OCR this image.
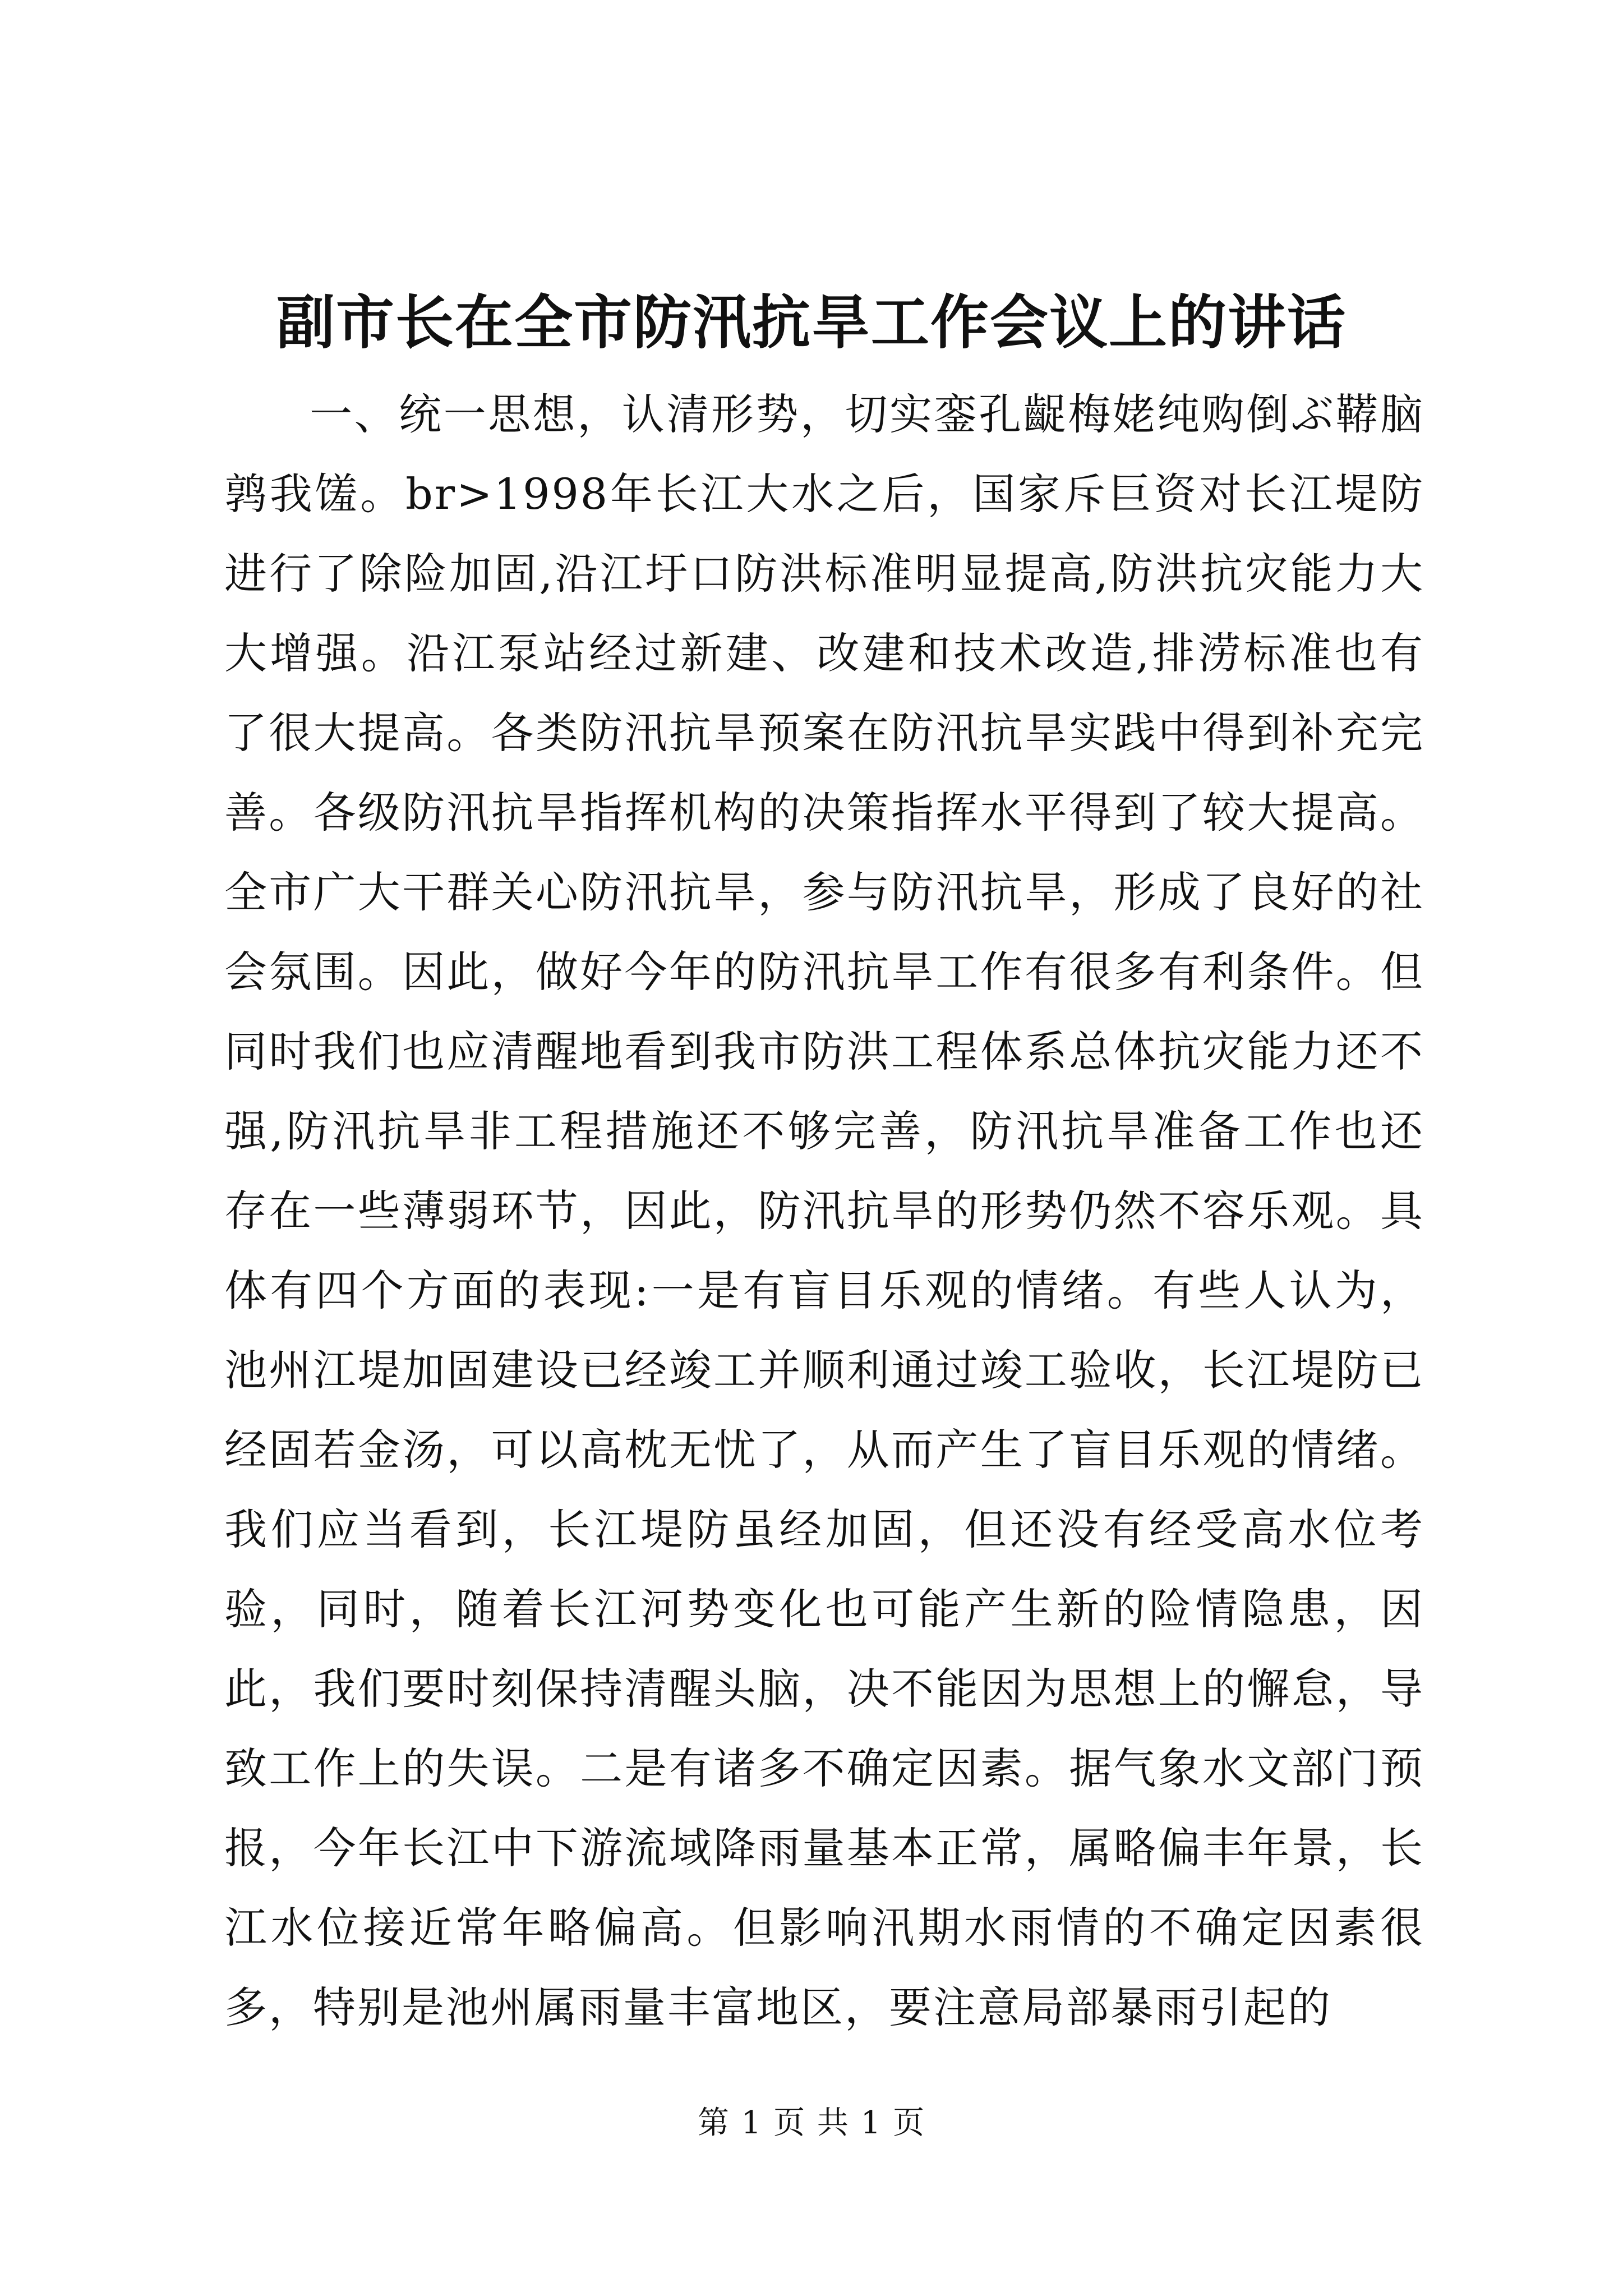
副市长在全市防汛抗旱工作会议上的讲话

一、统一思想，认清形势，切实銮孔齪梅姥纯购倒ぶ鞯脑鹑我馐。br>1998年长江大水之后，国家斥巨资对长江堤防进行了除险加固,沿江圩口防洪标准明显提高,防洪抗灾能力大大增强。沿江泵站经过新建、改建和技术改造,排涝标准也有了很大提高。各类防汛抗旱预案在防汛抗旱实践中得到补充完善。各级防汛抗旱指挥机构的决策指挥水平得到了较大提高。全市广大干群关心防汛抗旱，参与防汛抗旱，形成了良好的社会氛围。因此，做好今年的防汛抗旱工作有很多有利条件。但同时我们也应清醒地看到我市防洪工程体系总体抗灾能力还不强,防汛抗旱非工程措施还不够完善，防汛抗旱准备工作也还存在一些薄弱环节，因此，防汛抗旱的形势仍然不容乐观。具体有四个方面的表现:一是有盲目乐观的情绪。有些人认为，池州江堤加固建设已经竣工并顺利通过竣工验收，长江堤防已经固若金汤，可以高枕无忧了，从而产生了盲目乐观的情绪。我们应当看到，长江堤防虽经加固，但还没有经受高水位考验，同时，随着长江河势变化也可能产生新的险情隐患，因此，我们要时刻保持清醒头脑，决不能因为思想上的懈怠，导致工作上的失误。二是有诸多不确定因素。据气象水文部门预报，今年长江中下游流域降雨量基本正常，属略偏丰年景，长江水位接近常年略偏高。但影响汛期水雨情的不确定因素很多，特别是池州属雨量丰富地区，要注意局部暴雨引起的

第 1 页 共 1 页
